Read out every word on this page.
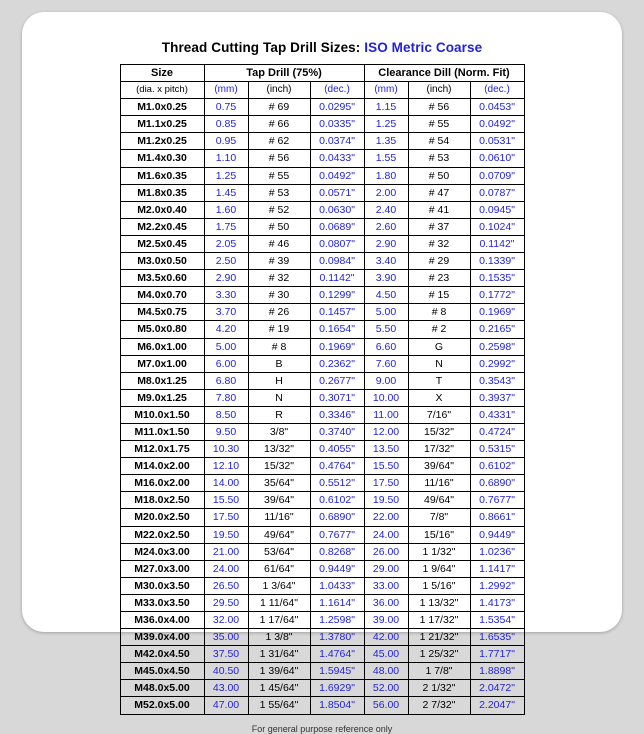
Thread Cutting Tap Drill Sizes: ISO Metric Coarse
Size	Tap Drill (75%)			Clearance Dill (Norm. Fit)		
(dia. x pitch)	(mm)	(inch)	(dec.)	(mm)	(inch)	(dec.)
M1.0x0.25	0.75	# 69	0.0295"	1.15	# 56	0.0453"
M1.1x0.25	0.85	# 66	0.0335"	1.25	# 55	0.0492"
M1.2x0.25	0.95	# 62	0.0374"	1.35	# 54	0.0531"
M1.4x0.30	1.10	# 56	0.0433"	1.55	# 53	0.0610"
M1.6x0.35	1.25	# 55	0.0492"	1.80	# 50	0.0709"
M1.8x0.35	1.45	# 53	0.0571"	2.00	# 47	0.0787"
M2.0x0.40	1.60	# 52	0.0630"	2.40	# 41	0.0945"
M2.2x0.45	1.75	# 50	0.0689"	2.60	# 37	0.1024"
M2.5x0.45	2.05	# 46	0.0807"	2.90	# 32	0.1142"
M3.0x0.50	2.50	# 39	0.0984"	3.40	# 29	0.1339"
M3.5x0.60	2.90	# 32	0.1142"	3.90	# 23	0.1535"
M4.0x0.70	3.30	# 30	0.1299"	4.50	# 15	0.1772"
M4.5x0.75	3.70	# 26	0.1457"	5.00	# 8	0.1969"
M5.0x0.80	4.20	# 19	0.1654"	5.50	# 2	0.2165"
M6.0x1.00	5.00	# 8	0.1969"	6.60	G	0.2598"
M7.0x1.00	6.00	B	0.2362"	7.60	N	0.2992"
M8.0x1.25	6.80	H	0.2677"	9.00	T	0.3543"
M9.0x1.25	7.80	N	0.3071"	10.00	X	0.3937"
M10.0x1.50	8.50	R	0.3346"	11.00	7/16"	0.4331"
M11.0x1.50	9.50	3/8"	0.3740"	12.00	15/32"	0.4724"
M12.0x1.75	10.30	13/32"	0.4055"	13.50	17/32"	0.5315"
M14.0x2.00	12.10	15/32"	0.4764"	15.50	39/64"	0.6102"
M16.0x2.00	14.00	35/64"	0.5512"	17.50	11/16"	0.6890"
M18.0x2.50	15.50	39/64"	0.6102"	19.50	49/64"	0.7677"
M20.0x2.50	17.50	11/16"	0.6890"	22.00	7/8"	0.8661"
M22.0x2.50	19.50	49/64"	0.7677"	24.00	15/16"	0.9449"
M24.0x3.00	21.00	53/64"	0.8268"	26.00	1 1/32"	1.0236"
M27.0x3.00	24.00	61/64"	0.9449"	29.00	1 9/64"	1.1417"
M30.0x3.50	26.50	1 3/64"	1.0433"	33.00	1 5/16"	1.2992"
M33.0x3.50	29.50	1 11/64"	1.1614"	36.00	1 13/32"	1.4173"
M36.0x4.00	32.00	1 17/64"	1.2598"	39.00	1 17/32"	1.5354"
M39.0x4.00	35.00	1 3/8"	1.3780"	42.00	1 21/32"	1.6535"
M42.0x4.50	37.50	1 31/64"	1.4764"	45.00	1 25/32"	1.7717"
M45.0x4.50	40.50	1 39/64"	1.5945"	48.00	1 7/8"	1.8898"
M48.0x5.00	43.00	1 45/64"	1.6929"	52.00	2 1/32"	2.0472"
M52.0x5.00	47.00	1 55/64"	1.8504"	56.00	2 7/32"	2.2047"
For general purpose reference only
